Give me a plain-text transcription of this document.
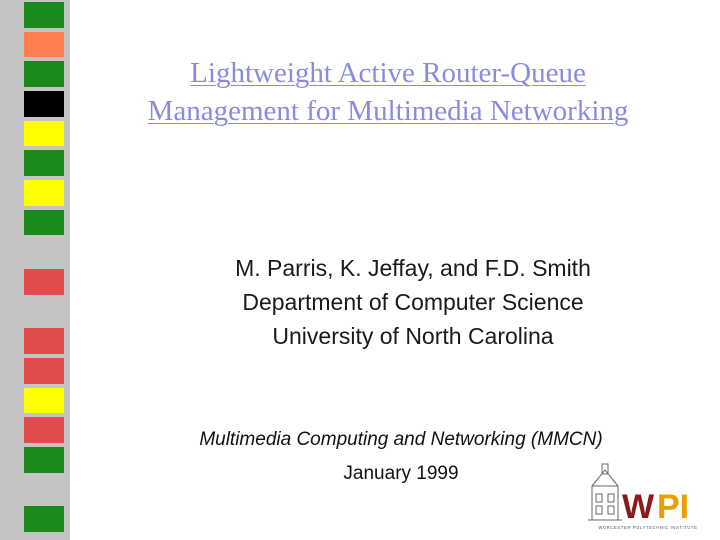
Lightweight Active Router-Queue
Management for Multimedia Networking
M. Parris, K. Jeffay, and F.D. Smith
Department of Computer Science
University of North Carolina
Multimedia Computing and Networking (MMCN)
January 1999
W PI
WORCESTER POLYTECHNIC INSTITUTE
